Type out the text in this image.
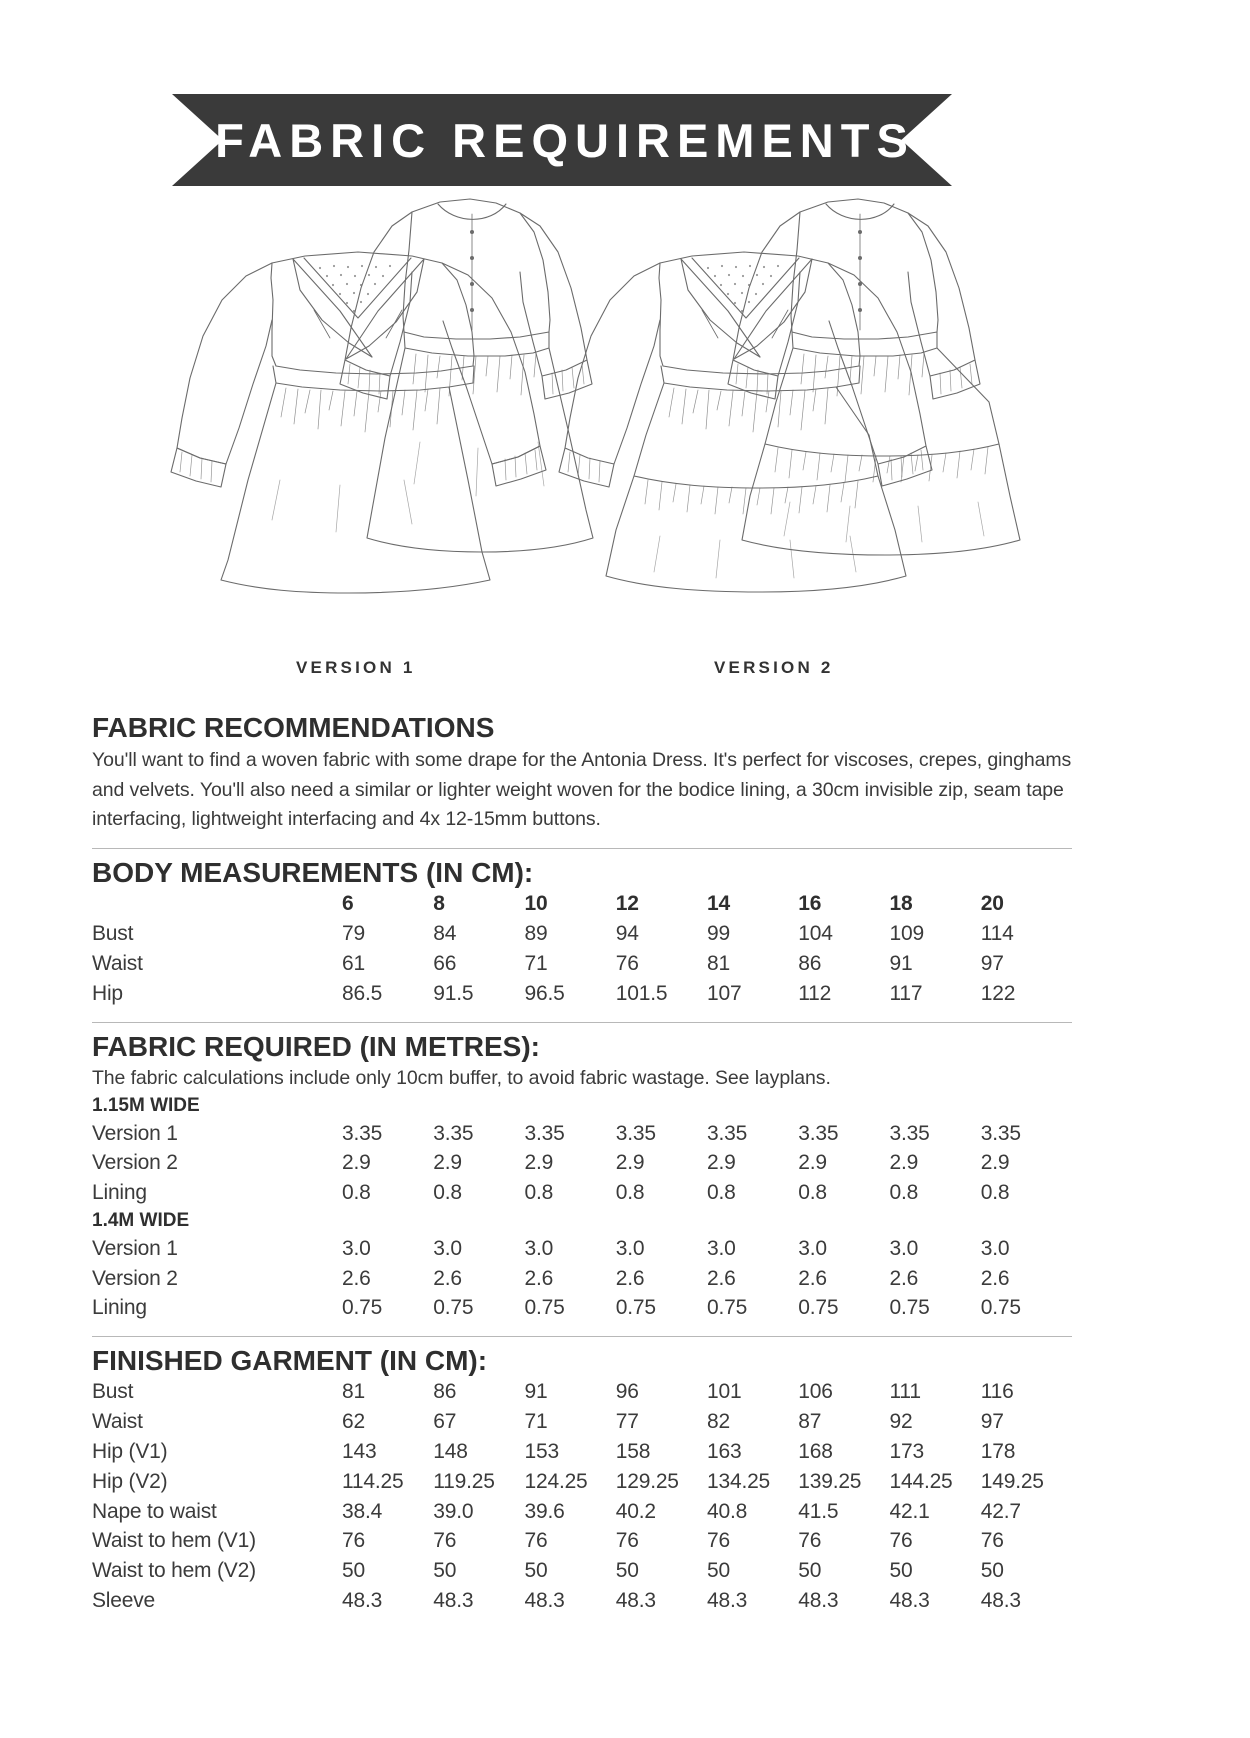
FABRIC REQUIREMENTS
VERSION 1	VERSION 2
FABRIC RECOMMENDATIONS

You'll want to find a woven fabric with some drape for the Antonia Dress. It's perfect for viscoses, crepes, ginghams and velvets. You'll also need a similar or lighter weight woven for the bodice lining, a 30cm invisible zip, seam tape interfacing, lightweight interfacing and 4x 12-15mm buttons.

BODY MEASUREMENTS (IN CM):
	6	8	10	12	14	16	18	20
Bust	79	84	89	94	99	104	109	114
Waist	61	66	71	76	81	86	91	97
Hip	86.5	91.5	96.5	101.5	107	112	117	122
FABRIC REQUIRED (IN METRES):

The fabric calculations include only 10cm buffer, to avoid fabric wastage. See layplans.

1.15M WIDE

Version 1	3.35	3.35	3.35	3.35	3.35	3.35	3.35	3.35
Version 2	2.9	2.9	2.9	2.9	2.9	2.9	2.9	2.9
Lining	0.8	0.8	0.8	0.8	0.8	0.8	0.8	0.8

1.4M WIDE

Version 1	3.0	3.0	3.0	3.0	3.0	3.0	3.0	3.0
Version 2	2.6	2.6	2.6	2.6	2.6	2.6	2.6	2.6
Lining	0.75	0.75	0.75	0.75	0.75	0.75	0.75	0.75
FINISHED GARMENT (IN CM):
Bust	81	86	91	96	101	106	111	116
Waist	62	67	71	77	82	87	92	97
Hip (V1)	143	148	153	158	163	168	173	178
Hip (V2)	114.25	119.25	124.25	129.25	134.25	139.25	144.25	149.25
Nape to waist	38.4	39.0	39.6	40.2	40.8	41.5	42.1	42.7
Waist to hem (V1)	76	76	76	76	76	76	76	76
Waist to hem (V2)	50	50	50	50	50	50	50	50
Sleeve	48.3	48.3	48.3	48.3	48.3	48.3	48.3	48.3
